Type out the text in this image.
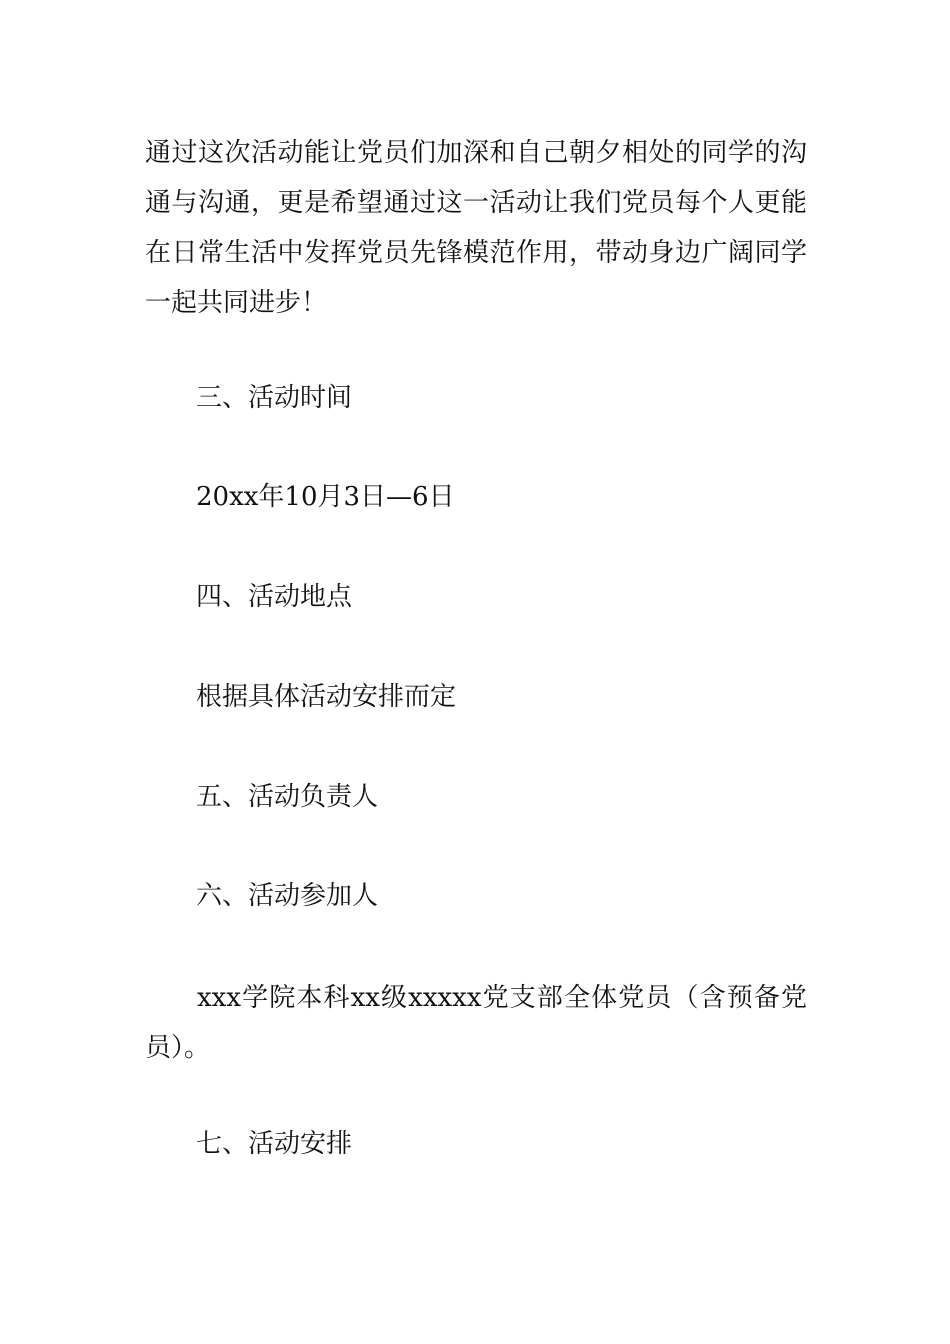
通过这次活动能让党员们加深和自己朝夕相处的同学的沟通与沟通，更是希望通过这一活动让我们党员每个人更能在日常生活中发挥党员先锋模范作用，带动身边广阔同学一起共同进步！

三、活动时间

20xx年10月3日—6日

四、活动地点

根据具体活动安排而定

五、活动负责人

六、活动参加人

xxx学院本科xx级xxxxx党支部全体党员（含预备党员）。

七、活动安排
